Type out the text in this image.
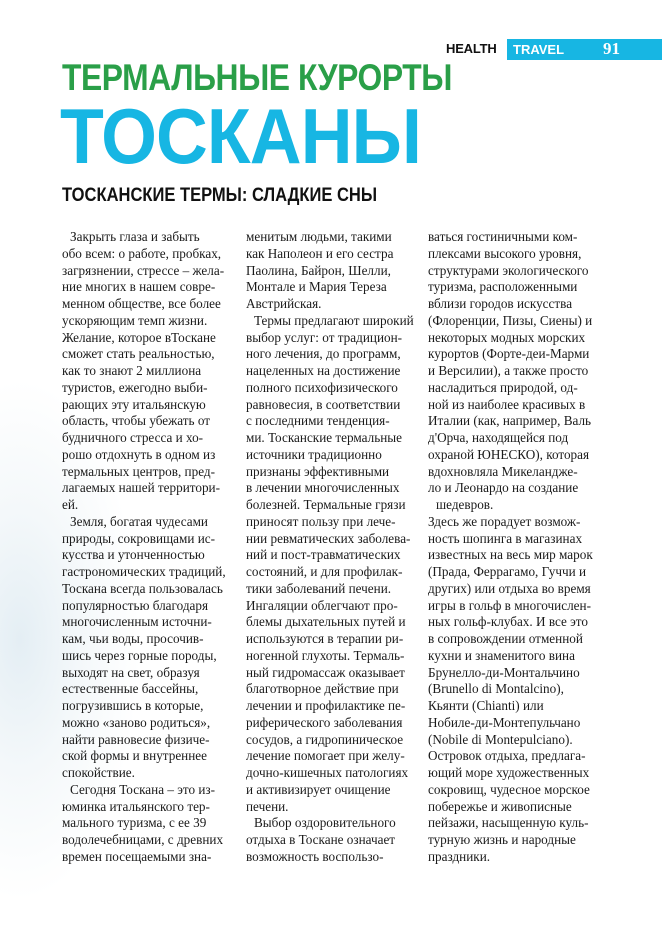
HEALTH TRAVEL 91
ТЕРМАЛЬНЫЕ КУРОРТЫ
ТОСКАНЫ
ТОСКАНСКИЕ ТЕРМЫ: СЛАДКИЕ СНЫ
Закрыть глаза и забыть
обо всем: о работе, пробках,
загрязнении, стрессе – жела-
ние многих в нашем совре-
менном обществе, все более
ускоряющим темп жизни.
Желание, которое вТоскане
сможет стать реальностью,
как то знают 2 миллиона
туристов, ежегодно выби-
рающих эту итальянскую
область, чтобы убежать от
будничного стресса и хо-
рошо отдохнуть в одном из
термальных центров, пред-
лагаемых нашей территори-
ей.
Земля, богатая чудесами
природы, сокровищами ис-
кусства и утонченностью
гастрономических традиций,
Тоскана всегда пользовалась
популярностью благодаря
многочисленным источни-
кам, чьи воды, просочив-
шись через горные породы,
выходят на свет, образуя
естественные бассейны,
погрузившись в которые,
можно «заново родиться»,
найти равновесие физиче-
ской формы и внутреннее
спокойствие.
Сегодня Тоскана – это из-
юминка итальянского тер-
мального туризма, с ее 39
водолечебницами, с древних
времен посещаемыми зна-
менитым людьми, такими
как Наполеон и его сестра
Паолина, Байрон, Шелли,
Монтале и Мария Тереза
Австрийская.
Термы предлагают широкий
выбор услуг: от традицион-
ного лечения, до программ,
нацеленных на достижение
полного психофизического
равновесия, в соответствии
с последними тенденция-
ми. Тосканские термальные
источники традиционно
признаны эффективными
в лечении многочисленных
болезней. Термальные грязи
приносят пользу при лече-
нии ревматических заболева-
ний и пост-травматических
состояний, и для профилак-
тики заболеваний печени.
Ингаляции облегчают про-
блемы дыхательных путей и
используются в терапии ри-
ногенной глухоты. Термаль-
ный гидромассаж оказывает
благотворное действие при
лечении и профилактике пе-
риферического заболевания
сосудов, а гидропиническое
лечение помогает при желу-
дочно-кишечных патологиях
и активизирует очищение
печени.
Выбор оздоровительного
отдыха в Тоскане означает
возможность воспользо-
ваться гостиничными ком-
плексами высокого уровня,
структурами экологического
туризма, расположенными
вблизи городов искусства
(Флоренции, Пизы, Сиены) и
некоторых модных морских
курортов (Форте-деи-Марми
и Версилии), а также просто
насладиться природой, од-
ной из наиболее красивых в
Италии (как, например, Валь
д'Орча, находящейся под
охраной ЮНЕСКО), которая
вдохновляла Микеландже-
ло и Леонардо на создание
шедевров.
Здесь же порадует возмож-
ность шопинга в магазинах
известных на весь мир марок
(Прада, Феррагамо, Гуччи и
других) или отдыха во время
игры в гольф в многочислен-
ных гольф-клубах. И все это
в сопровождении отменной
кухни и знаменитого вина
Брунелло-ди-Монтальчино
(Brunello di Montalcino),
Кьянти (Chianti) или
Нобиле-ди-Монтепульчано
(Nobile di Montepulciano).
Островок отдыха, предлага-
ющий море художественных
сокровищ, чудесное морское
побережье и живописные
пейзажи, насыщенную куль-
турную жизнь и народные
праздники.
